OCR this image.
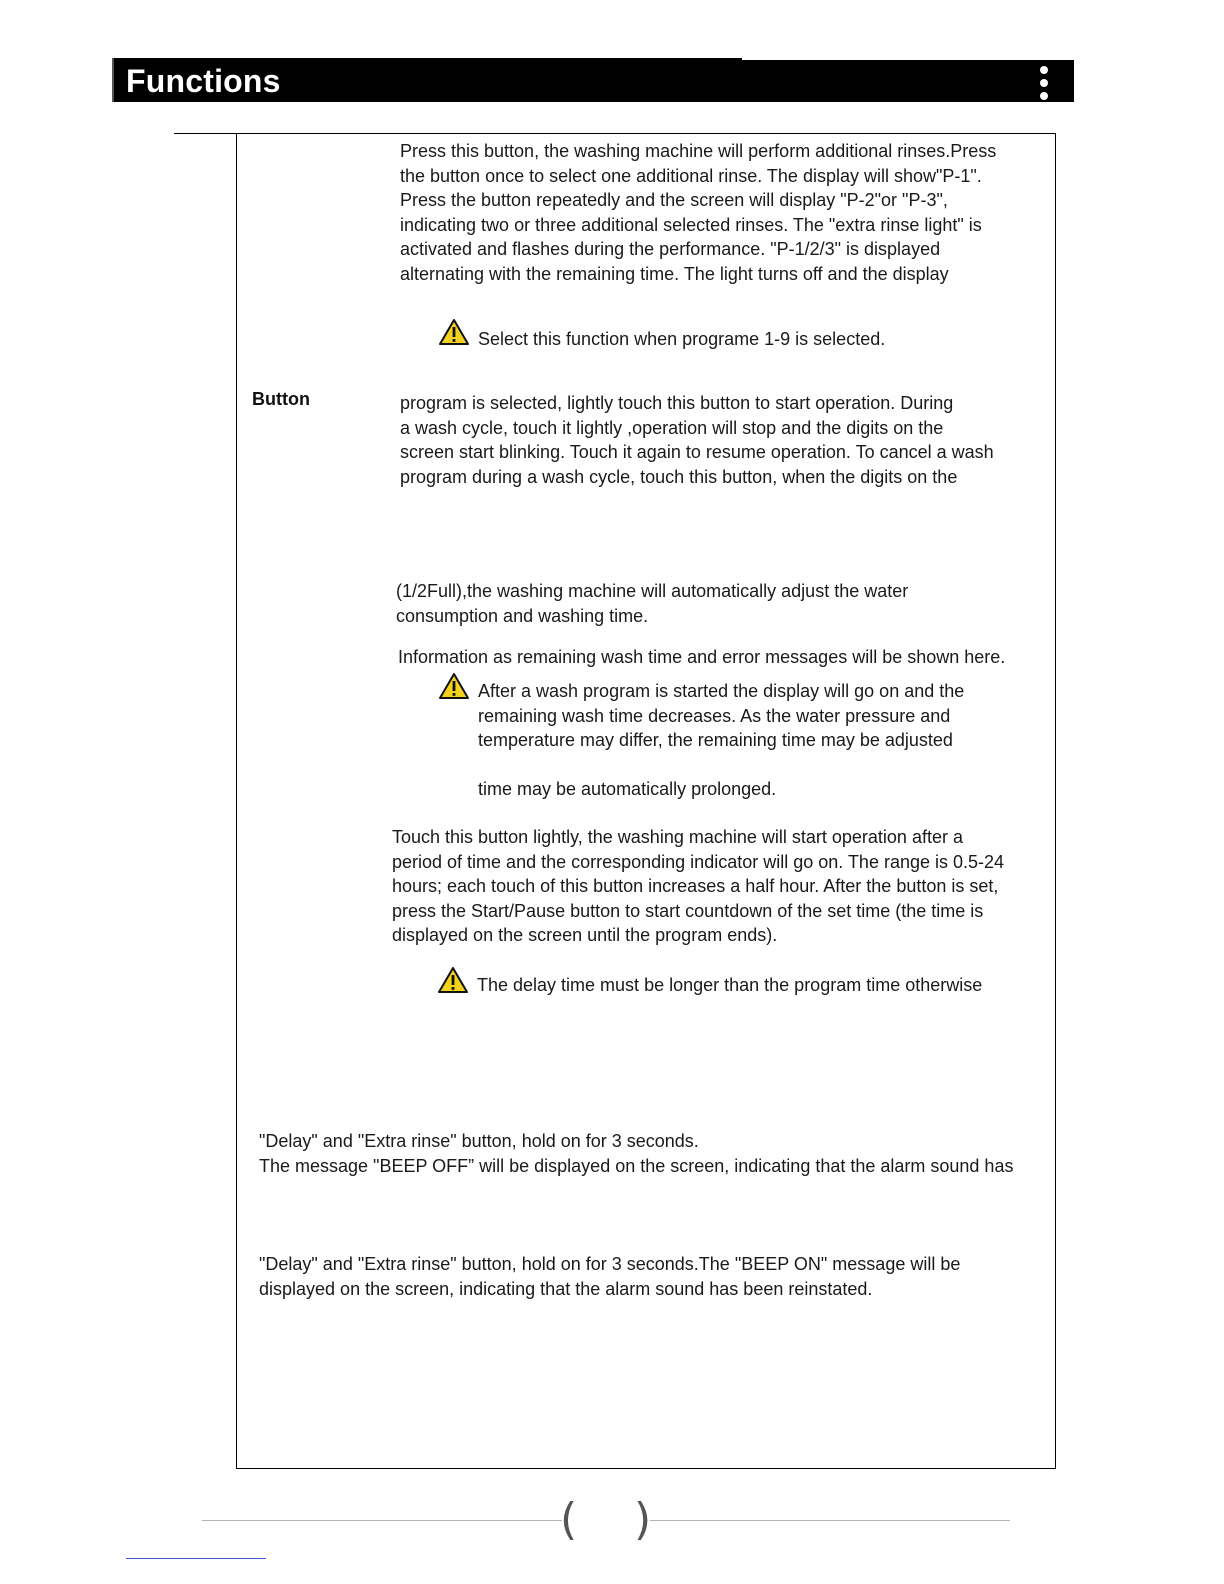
Functions
Press this button, the washing machine will perform additional rinses.Press
the button once to select one additional rinse. The display will show"P-1".
Press the button repeatedly and the screen will display "P-2"or "P-3",
indicating two or three additional selected rinses. The "extra rinse light" is
activated and flashes during the performance. "P-1/2/3" is displayed
alternating with the remaining time. The light turns off and the display
Select this function when programe 1-9 is selected.
Button	program is selected, lightly touch this button to start operation. During
a wash cycle, touch it lightly ,operation will stop and the digits on the
screen start blinking. Touch it again to resume operation. To cancel a wash
program during a wash cycle, touch this button, when the digits on the
(1/2Full),the washing machine will automatically adjust the water
consumption and washing time.
Information as remaining wash time and error messages will be shown here.
After a wash program is started the display will go on and the
remaining wash time decreases. As the water pressure and
temperature may differ, the remaining time may be adjusted
time may be automatically prolonged.
Touch this button lightly, the washing machine will start operation after a
period of time and the corresponding indicator will go on. The range is 0.5-24
hours; each touch of this button increases a half hour. After the button is set,
press the Start/Pause button to start countdown of the set time (the time is
displayed on the screen until the program ends).
The delay time must be longer than the program time otherwise
"Delay" and "Extra rinse" button, hold on for 3 seconds.
The message "BEEP OFF” will be displayed on the screen, indicating that the alarm sound has
"Delay" and "Extra rinse" button, hold on for 3 seconds.The "BEEP ON" message will be
displayed on the screen, indicating that the alarm sound has been reinstated.
( )
